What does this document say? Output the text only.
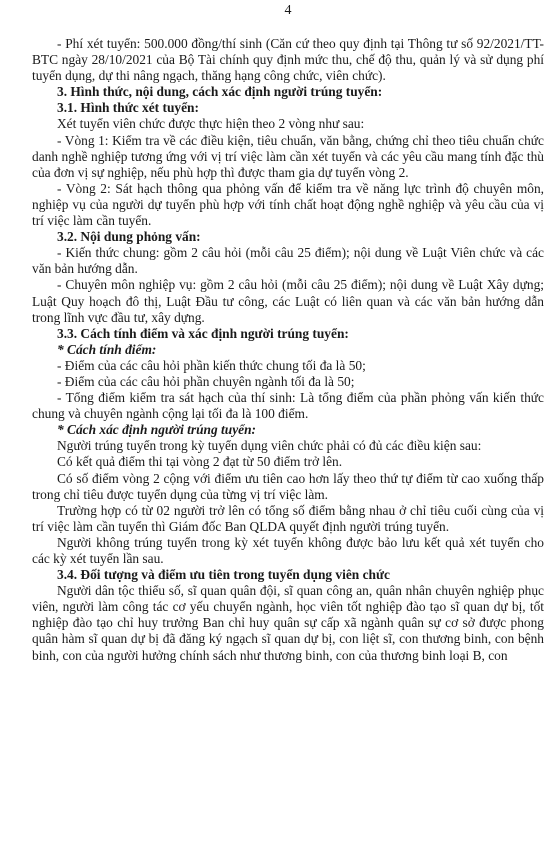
4

- Phí xét tuyển: 500.000 đồng/thí sinh (Căn cứ theo quy định tại Thông tư số 92/2021/TT-BTC ngày 28/10/2021 của Bộ Tài chính quy định mức thu, chế độ thu, quản lý và sử dụng phí tuyển dụng, dự thi nâng ngạch, thăng hạng công chức, viên chức).

3. Hình thức, nội dung, cách xác định người trúng tuyển:

3.1. Hình thức xét tuyển:

Xét tuyển viên chức được thực hiện theo 2 vòng như sau:

- Vòng 1: Kiểm tra về các điều kiện, tiêu chuẩn, văn bằng, chứng chỉ theo tiêu chuẩn chức danh nghề nghiệp tương ứng với vị trí việc làm cần xét tuyển và các yêu cầu mang tính đặc thù của đơn vị sự nghiệp, nếu phù hợp thì được tham gia dự tuyển vòng 2.

- Vòng 2: Sát hạch thông qua phỏng vấn để kiểm tra về năng lực trình độ chuyên môn, nghiệp vụ của người dự tuyển phù hợp với tính chất hoạt động nghề nghiệp và yêu cầu của vị trí việc làm cần tuyển.

3.2. Nội dung phỏng vấn:

- Kiến thức chung: gồm 2 câu hỏi (mỗi câu 25 điểm); nội dung về Luật Viên chức và các văn bản hướng dẫn.

- Chuyên môn nghiệp vụ: gồm 2 câu hỏi (mỗi câu 25 điểm); nội dung về Luật Xây dựng; Luật Quy hoạch đô thị, Luật Đầu tư công, các Luật có liên quan và các văn bản hướng dẫn trong lĩnh vực đầu tư, xây dựng.

3.3. Cách tính điểm và xác định người trúng tuyển:

* Cách tính điểm:

- Điểm của các câu hỏi phần kiến thức chung tối đa là 50;

- Điểm của các câu hỏi phần chuyên ngành tối đa là 50;

- Tổng điểm kiểm tra sát hạch của thí sinh: Là tổng điểm của phần phỏng vấn kiến thức chung và chuyên ngành cộng lại tối đa là 100 điểm.

* Cách xác định người trúng tuyển:

Người trúng tuyển trong kỳ tuyển dụng viên chức phải có đủ các điều kiện sau:

Có kết quả điểm thi tại vòng 2 đạt từ 50 điểm trở lên.

Có số điểm vòng 2 cộng với điểm ưu tiên cao hơn lấy theo thứ tự điểm từ cao xuống thấp trong chỉ tiêu được tuyển dụng của từng vị trí việc làm.

Trường hợp có từ 02 người trở lên có tổng số điểm bằng nhau ở chỉ tiêu cuối cùng của vị trí việc làm cần tuyển thì Giám đốc Ban QLDA quyết định người trúng tuyển.

Người không trúng tuyển trong kỳ xét tuyển không được bảo lưu kết quả xét tuyển cho các kỳ xét tuyển lần sau.

3.4. Đối tượng và điểm ưu tiên trong tuyển dụng viên chức

Người dân tộc thiểu số, sĩ quan quân đội, sĩ quan công an, quân nhân chuyên nghiệp phục viên, người làm công tác cơ yếu chuyển ngành, học viên tốt nghiệp đào tạo sĩ quan dự bị, tốt nghiệp đào tạo chỉ huy trưởng Ban chỉ huy quân sự cấp xã ngành quân sự cơ sở được phong quân hàm sĩ quan dự bị đã đăng ký ngạch sĩ quan dự bị, con liệt sĩ, con thương binh, con bệnh binh, con của người hưởng chính sách như thương binh, con của thương binh loại B, con
